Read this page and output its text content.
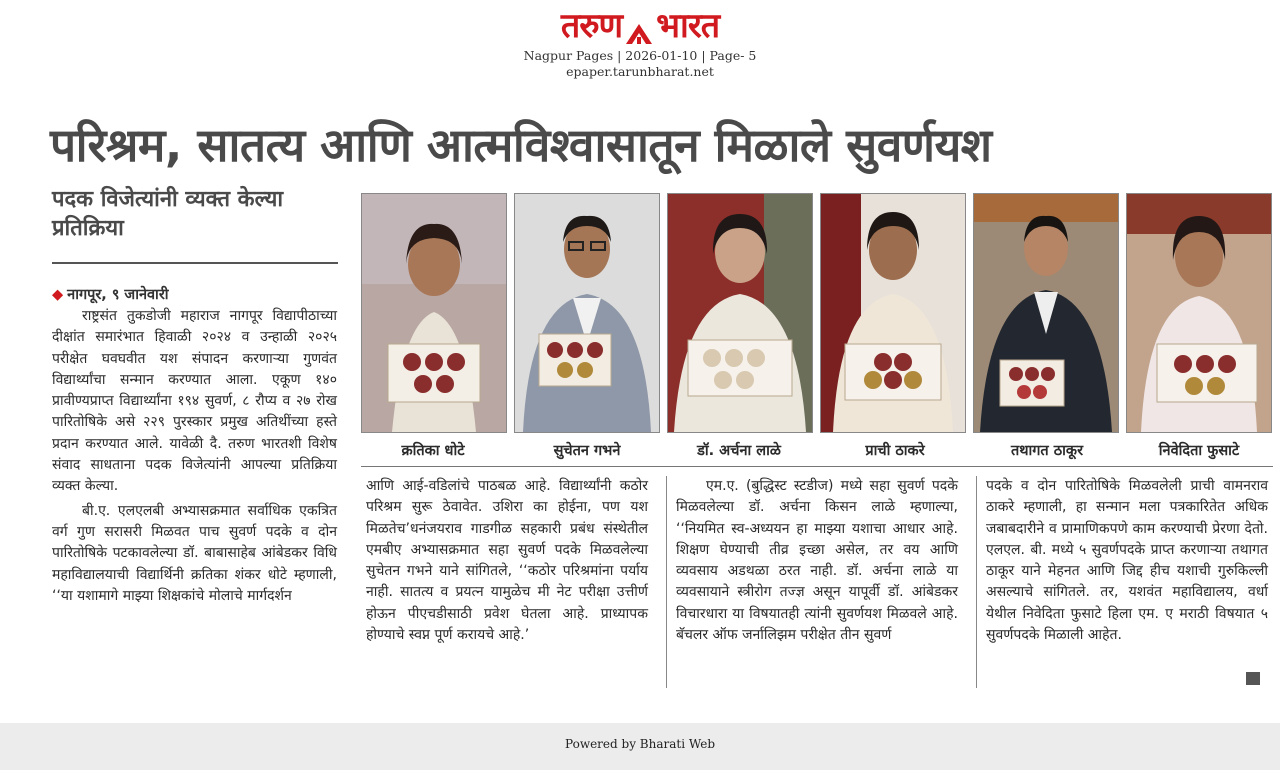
तरुण भारत
Nagpur Pages | 2026-01-10 | Page- 5
epaper.tarunbharat.net
परिश्रम, सातत्य आणि आत्मविश्वासातून मिळाले सुवर्णयश
पदक विजेत्यांनी व्यक्त केल्या प्रतिक्रिया
◆ नागपूर, ९ जानेवारी

राष्ट्रसंत तुकडोजी महाराज नागपूर विद्यापीठाच्या दीक्षांत समारंभात हिवाळी २०२४ व उन्हाळी २०२५ परीक्षेत घवघवीत यश संपादन करणाऱ्या गुणवंत विद्यार्थ्यांचा सन्मान करण्यात आला. एकूण १४० प्रावीण्यप्राप्त विद्यार्थ्यांना १९४ सुवर्ण, ८ रौप्य व २७ रोख पारितोषिके असे २२९ पुरस्कार प्रमुख अतिथींच्या हस्ते प्रदान करण्यात आले. यावेळी दै. तरुण भारतशी विशेष संवाद साधताना पदक विजेत्यांनी आपल्या प्रतिक्रिया व्यक्त केल्या.

बी.ए. एलएलबी अभ्यासक्रमात सर्वाधिक एकत्रित वर्ग गुण सरासरी मिळवत पाच सुवर्ण पदके व दोन पारितोषिके पटकावलेल्या डॉ. बाबासाहेब आंबेडकर विधि महाविद्यालयाची विद्यार्थिनी क्रतिका शंकर धोटे म्हणाली, ‘‘या यशामागे माझ्या शिक्षकांचे मोलाचे मार्गदर्शन

क्रतिका धोटे	सुचेतन गभने	डॉ. अर्चना लाळे	प्राची ठाकरे	तथागत ठाकूर	निवेदिता फुसाटे

आणि आई-वडिलांचे पाठबळ आहे. विद्यार्थ्यांनी कठोर परिश्रम सुरू ठेवावेत. उशिरा का होईना, पण यश मिळतेच’धनंजयराव गाडगीळ सहकारी प्रबंध संस्थेतील एमबीए अभ्यासक्रमात सहा सुवर्ण पदके मिळवलेल्या सुचेतन गभने याने सांगितले, ‘‘कठोर परिश्रमांना पर्याय नाही. सातत्य व प्रयत्न यामुळेच मी नेट परीक्षा उत्तीर्ण होऊन पीएचडीसाठी प्रवेश घेतला आहे. प्राध्यापक होण्याचे स्वप्न पूर्ण करायचे आहे.’

एम.ए. (बुद्धिस्ट स्टडीज) मध्ये सहा सुवर्ण पदके मिळवलेल्या डॉ. अर्चना किसन लाळे म्हणाल्या, ‘‘नियमित स्व-अध्ययन हा माझ्या यशाचा आधार आहे. शिक्षण घेण्याची तीव्र इच्छा असेल, तर वय आणि व्यवसाय अडथळा ठरत नाही. डॉ. अर्चना लाळे या व्यवसायाने स्त्रीरोग तज्ज्ञ असून यापूर्वी डॉ. आंबेडकर विचारधारा या विषयातही त्यांनी सुवर्णयश मिळवले आहे. बॅचलर ऑफ जर्नालिझम परीक्षेत तीन सुवर्ण

पदके व दोन पारितोषिके मिळवलेली प्राची वामनराव ठाकरे म्हणाली, हा सन्मान मला पत्रकारितेत अधिक जबाबदारीने व प्रामाणिकपणे काम करण्याची प्रेरणा देतो. एलएल. बी. मध्ये ५ सुवर्णपदके प्राप्त करणाऱ्या तथागत ठाकूर याने मेहनत आणि जिद्द हीच यशाची गुरुकिल्ली असल्याचे सांगितले. तर, यशवंत महाविद्यालय, वर्धा येथील निवेदिता फुसाटे हिला एम. ए मराठी विषयात ५ सुवर्णपदके मिळाली आहेत.

Powered by Bharati Web
